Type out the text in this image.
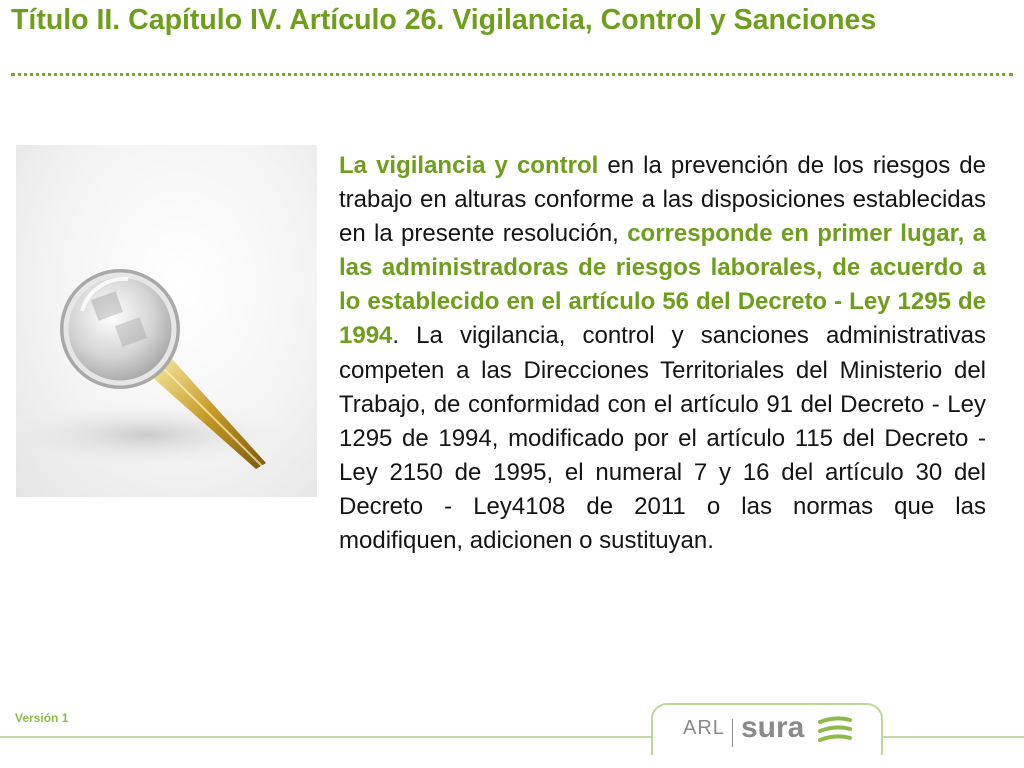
Título II. Capítulo IV. Artículo 26. Vigilancia, Control y Sanciones

La vigilancia y control en la prevención de los riesgos de trabajo en alturas conforme a las disposiciones establecidas en la presente resolución, corresponde en primer lugar, a las administradoras de riesgos laborales, de acuerdo a lo establecido en el artículo 56 del Decreto - Ley 1295 de 1994. La vigilancia, control y sanciones administrativas competen a las Direcciones Territoriales del Ministerio del Trabajo, de conformidad con el artículo 91 del Decreto - Ley 1295 de 1994, modificado por el artículo 115 del Decreto - Ley 2150 de 1995, el numeral 7 y 16 del artículo 30 del Decreto - Ley4108 de 2011 o las normas que las modifiquen, adicionen o sustituyan.

Versión 1	ARL sura
